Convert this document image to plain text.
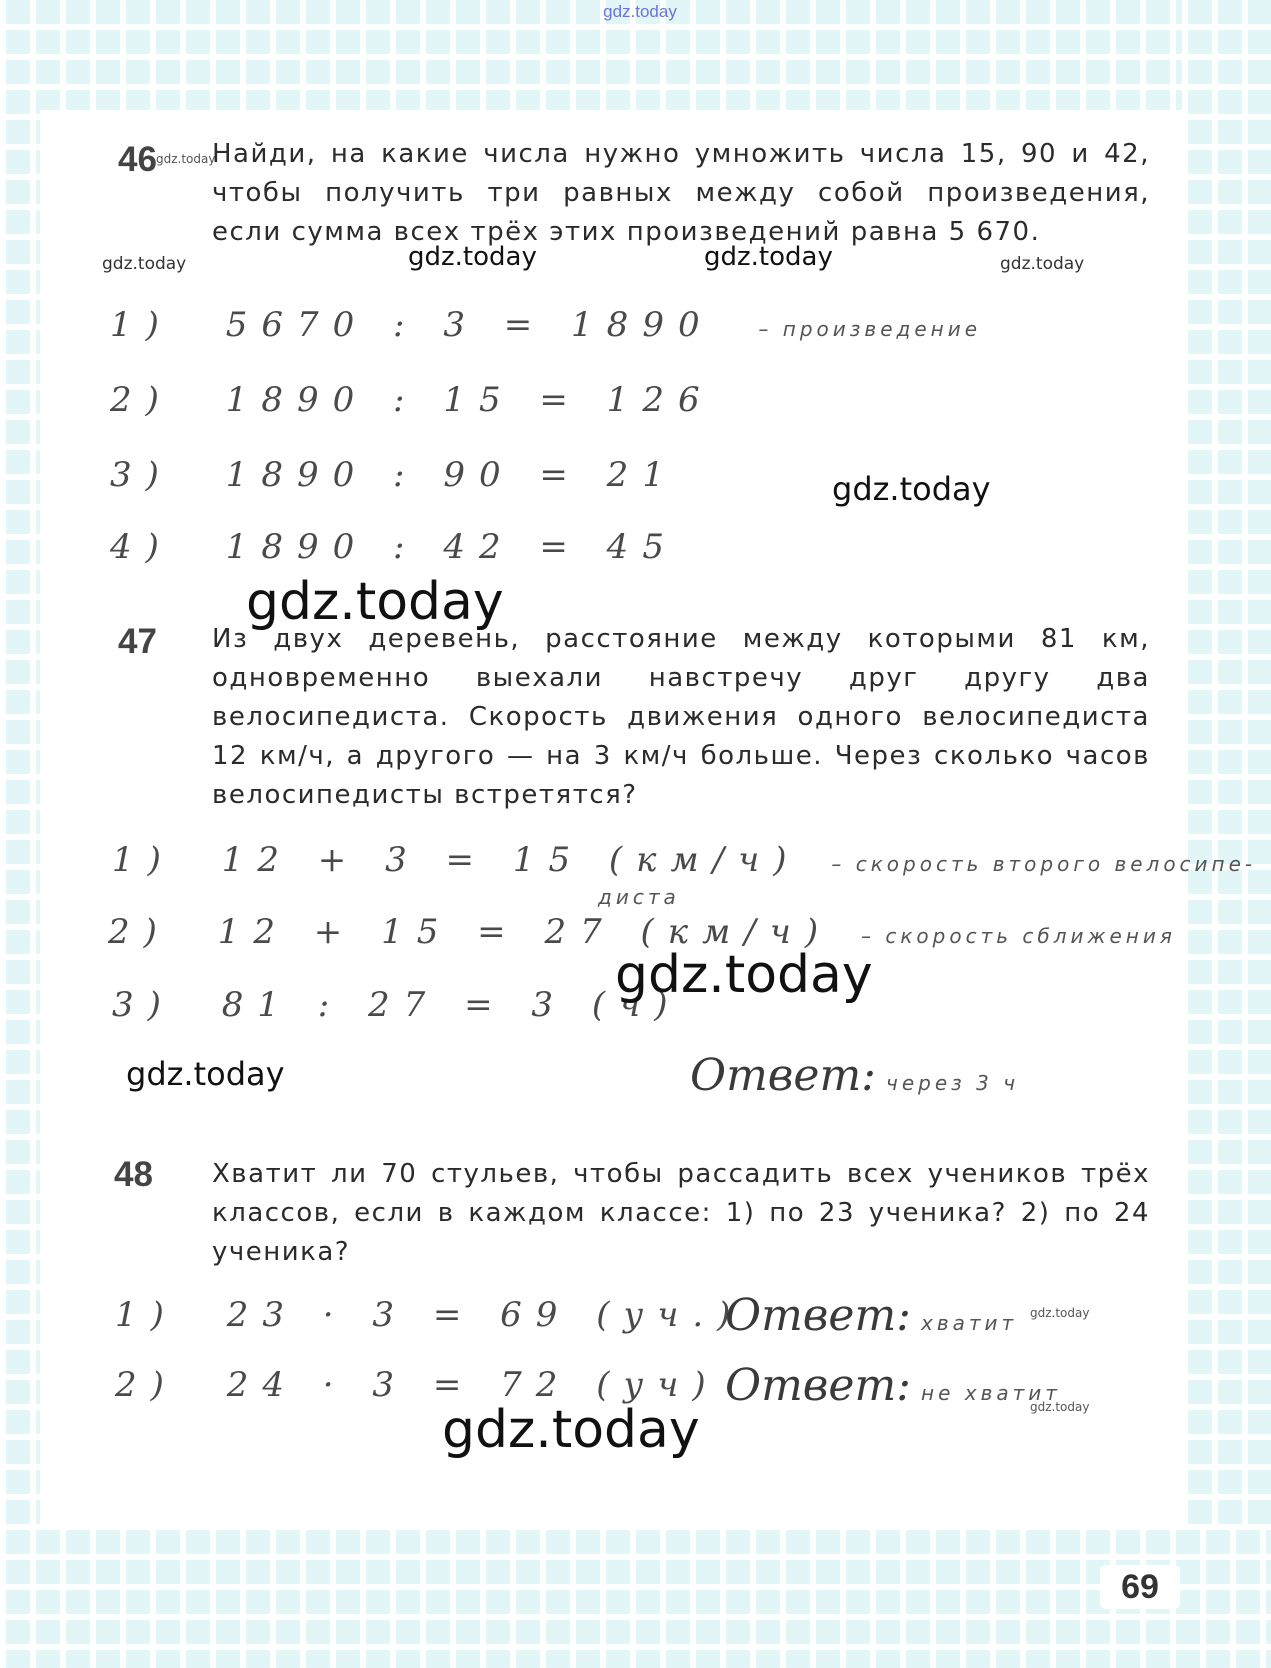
gdz.today
46 Найди, на какие числа нужно умножить числа 15, 90 и 42, чтобы получить три равных между собой произведения, если сумма всех трёх этих произведений равна 5 670.
1) 5670 : 3 = 1890 – произведение
2) 1890 : 15 = 126
3) 1890 : 90 = 21
4) 1890 : 42 = 45
47 Из двух деревень, расстояние между которыми 81 км, одновременно выехали навстречу друг другу два велосипедиста. Скорость движения одного велосипедиста 12 км/ч, а другого — на 3 км/ч больше. Через сколько часов велосипедисты встретятся?
1) 12 + 3 = 15 (км/ч) – скорость второго велосипе-
диста
2) 12 + 15 = 27 (км/ч) – скорость сближения
3) 81 : 27 = 3 (ч)
Ответ: через 3 ч
48 Хватит ли 70 стульев, чтобы рассадить всех учеников трёх классов, если в каждом классе: 1) по 23 ученика? 2) по 24 ученика?
1) 23 · 3 = 69 (уч.)
Ответ: хватит
2) 24 · 3 = 72 (уч) Ответ: не хватит
69
gdz.today
gdz.today	gdz.today	gdz.today	gdz.today
gdz.today
gdz.today
gdz.today
gdz.today
gdz.today
gdz.today
gdz.today
